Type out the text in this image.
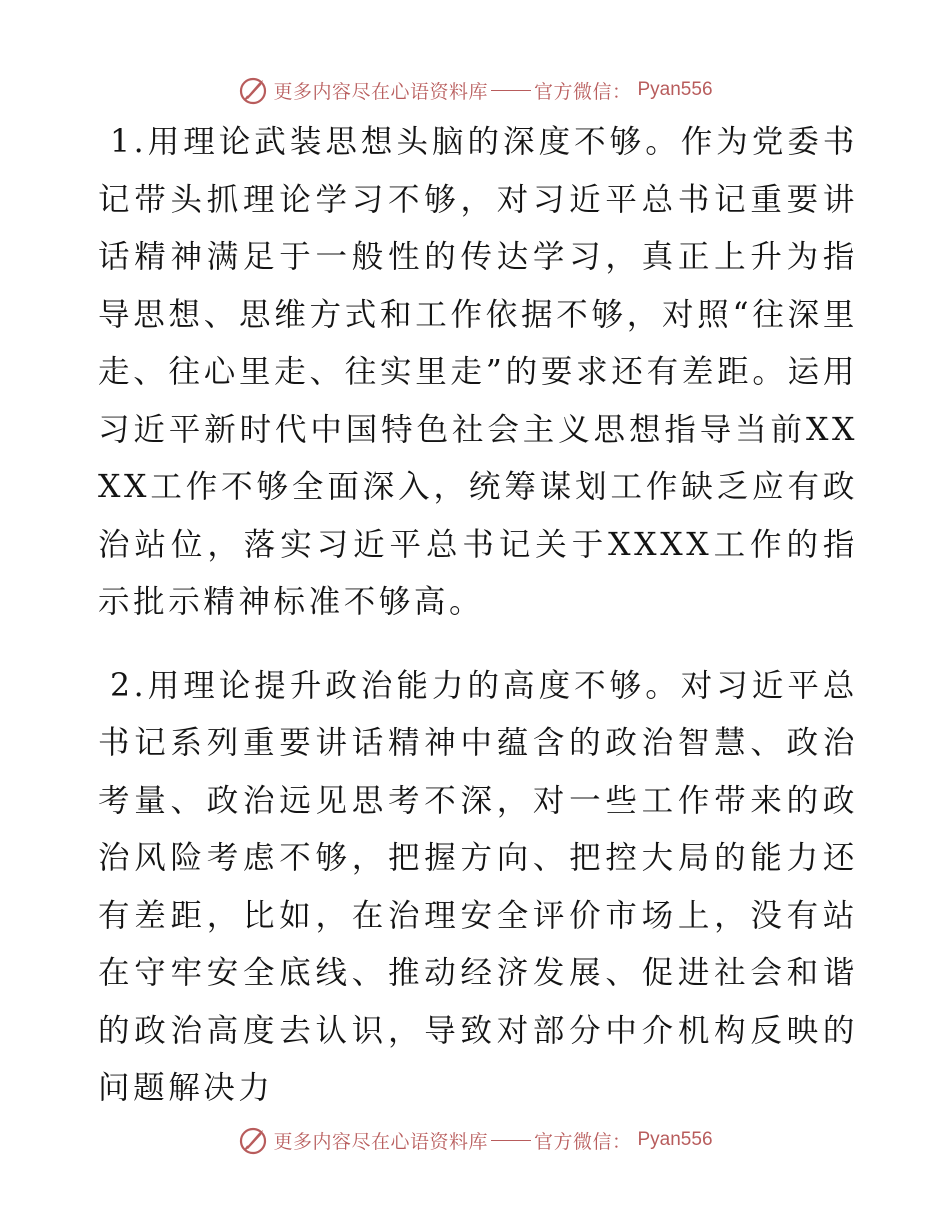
更多内容尽在心语资料库 官方微信： Pyan556

1.用理论武装思想头脑的深度不够。作为党委书记带头抓理论学习不够，对习近平总书记重要讲话精神满足于一般性的传达学习，真正上升为指导思想、思维方式和工作依据不够，对照“往深里走、往心里走、往实里走”的要求还有差距。运用习近平新时代中国特色社会主义思想指导当前XXXX工作不够全面深入，统筹谋划工作缺乏应有政治站位，落实习近平总书记关于XXXX工作的指示批示精神标准不够高。

2.用理论提升政治能力的高度不够。对习近平总书记系列重要讲话精神中蕴含的政治智慧、政治考量、政治远见思考不深，对一些工作带来的政治风险考虑不够，把握方向、把控大局的能力还有差距，比如，在治理安全评价市场上，没有站在守牢安全底线、推动经济发展、促进社会和谐的政治高度去认识，导致对部分中介机构反映的问题解决力

更多内容尽在心语资料库 官方微信： Pyan556
